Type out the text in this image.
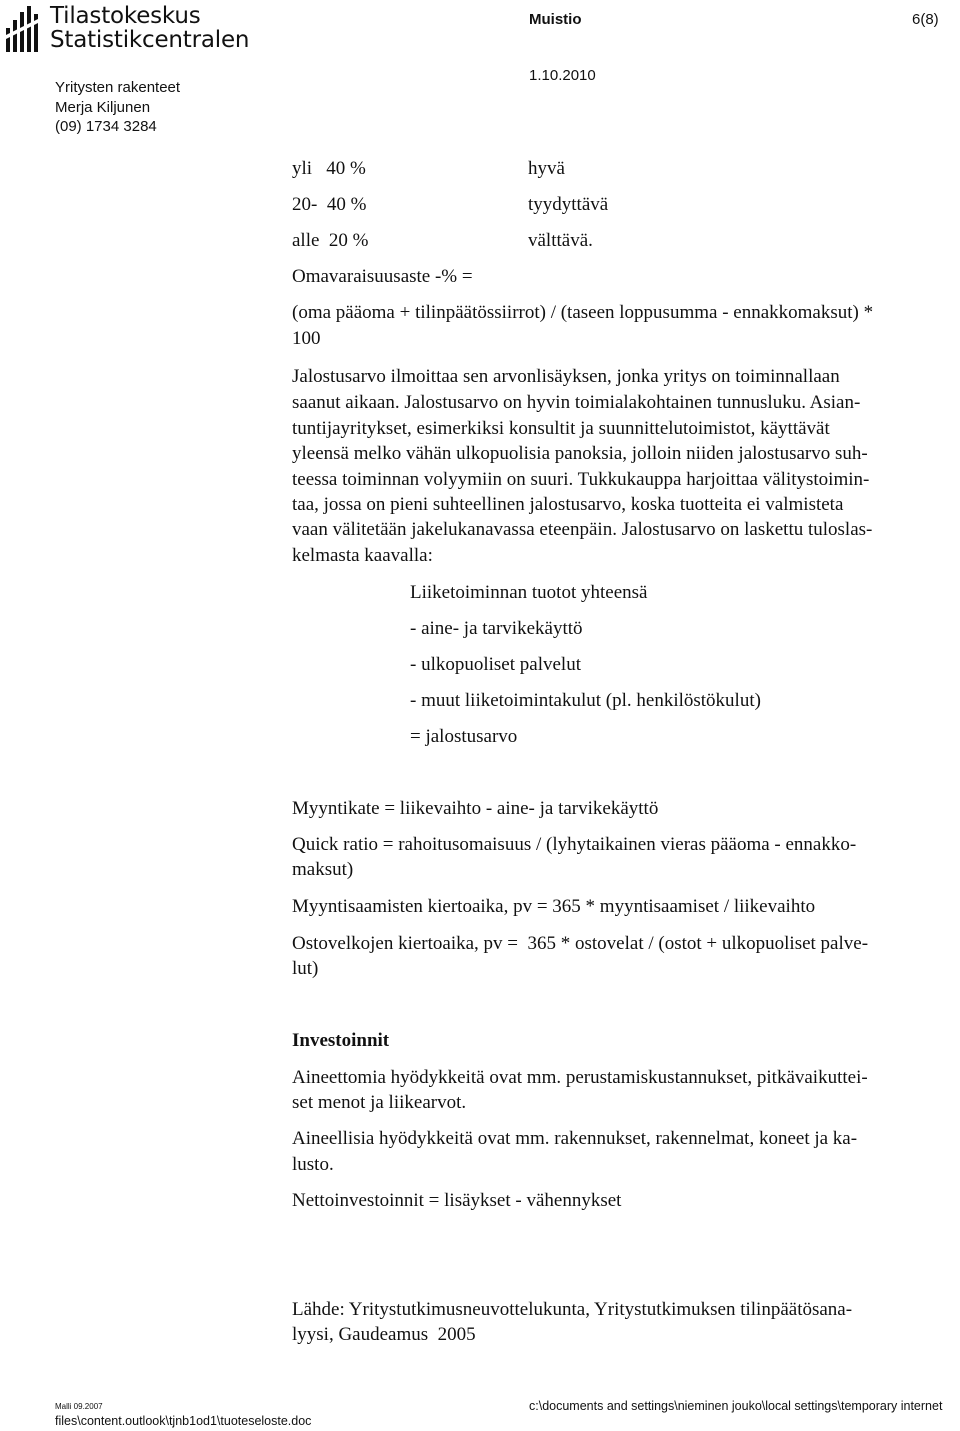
Tilastokeskus
Statistikcentralen
Muistio	6(8)
1.10.2010
Yritysten rakenteet
Merja Kiljunen
(09) 1734 3284
yli   40 %	hyvä
20-  40 %	tyydyttävä
alle  20 %	välttävä.
Omavaraisuusaste -% =
(oma pääoma + tilinpäätössiirrot) / (taseen loppusumma - ennakkomaksut) *
100
Jalostusarvo ilmoittaa sen arvonlisäyksen, jonka yritys on toiminnallaan
saanut aikaan. Jalostusarvo on hyvin toimialakohtainen tunnusluku. Asian-
tuntijayritykset, esimerkiksi konsultit ja suunnittelutoimistot, käyttävät
yleensä melko vähän ulkopuolisia panoksia, jolloin niiden jalostusarvo suh-
teessa toiminnan volyymiin on suuri. Tukkukauppa harjoittaa välitystoimin-
taa, jossa on pieni suhteellinen jalostusarvo, koska tuotteita ei valmisteta
vaan välitetään jakelukanavassa eteenpäin. Jalostusarvo on laskettu tuloslas-
kelmasta kaavalla:
Liiketoiminnan tuotot yhteensä
- aine- ja tarvikekäyttö
- ulkopuoliset palvelut
- muut liiketoimintakulut (pl. henkilöstökulut)
= jalostusarvo
Myyntikate = liikevaihto - aine- ja tarvikekäyttö
Quick ratio = rahoitusomaisuus / (lyhytaikainen vieras pääoma - ennakko-
maksut)
Myyntisaamisten kiertoaika, pv = 365 * myyntisaamiset / liikevaihto
Ostovelkojen kiertoaika, pv =  365 * ostovelat / (ostot + ulkopuoliset palve-
lut)
Investoinnit
Aineettomia hyödykkeitä ovat mm. perustamiskustannukset, pitkävaikuttei-
set menot ja liikearvot.
Aineellisia hyödykkeitä ovat mm. rakennukset, rakennelmat, koneet ja ka-
lusto.
Nettoinvestoinnit = lisäykset - vähennykset
Lähde: Yritystutkimusneuvottelukunta, Yritystutkimuksen tilinpäätösana-
lyysi, Gaudeamus  2005
Malli 09.2007	c:\documents and settings\nieminen jouko\local settings\temporary internet
files\content.outlook\tjnb1od1\tuoteseloste.doc
